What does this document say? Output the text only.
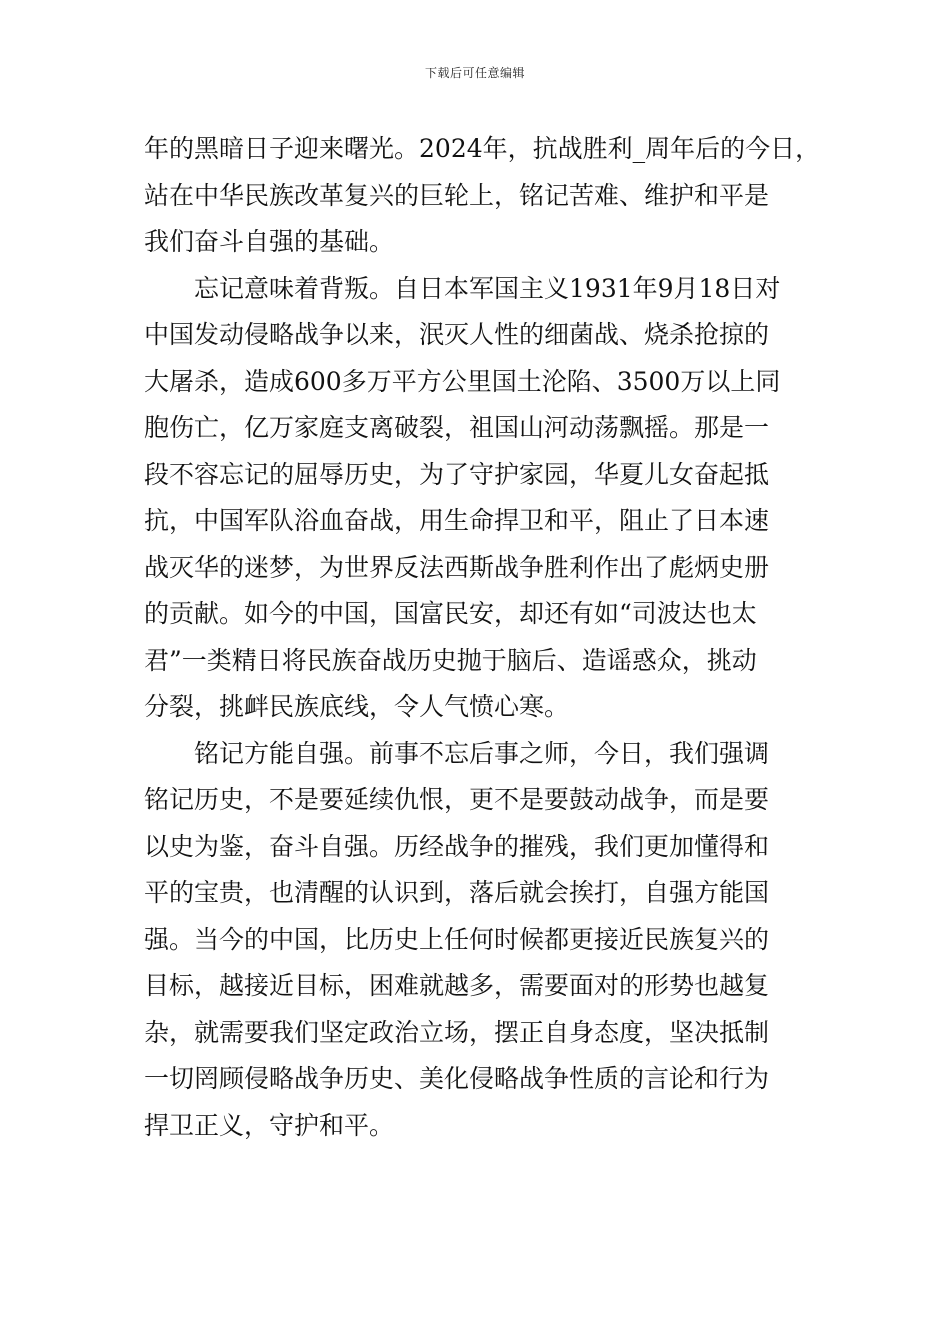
下载后可任意编辑
年的黑暗日子迎来曙光。2024年，抗战胜利_周年后的今日，
站在中华民族改革复兴的巨轮上，铭记苦难、维护和平是
我们奋斗自强的基础。
　　忘记意味着背叛。自日本军国主义1931年9月18日对
中国发动侵略战争以来，泯灭人性的细菌战、烧杀抢掠的
大屠杀，造成600多万平方公里国土沦陷、3500万以上同
胞伤亡，亿万家庭支离破裂，祖国山河动荡飘摇。那是一
段不容忘记的屈辱历史，为了守护家园，华夏儿女奋起抵
抗，中国军队浴血奋战，用生命捍卫和平，阻止了日本速
战灭华的迷梦，为世界反法西斯战争胜利作出了彪炳史册
的贡献。如今的中国，国富民安，却还有如“司波达也太
君”一类精日将民族奋战历史抛于脑后、造谣惑众，挑动
分裂，挑衅民族底线，令人气愤心寒。
　　铭记方能自强。前事不忘后事之师，今日，我们强调
铭记历史，不是要延续仇恨，更不是要鼓动战争，而是要
以史为鉴，奋斗自强。历经战争的摧残，我们更加懂得和
平的宝贵，也清醒的认识到，落后就会挨打，自强方能国
强。当今的中国，比历史上任何时候都更接近民族复兴的
目标，越接近目标，困难就越多，需要面对的形势也越复
杂，就需要我们坚定政治立场，摆正自身态度，坚决抵制
一切罔顾侵略战争历史、美化侵略战争性质的言论和行为
捍卫正义，守护和平。
